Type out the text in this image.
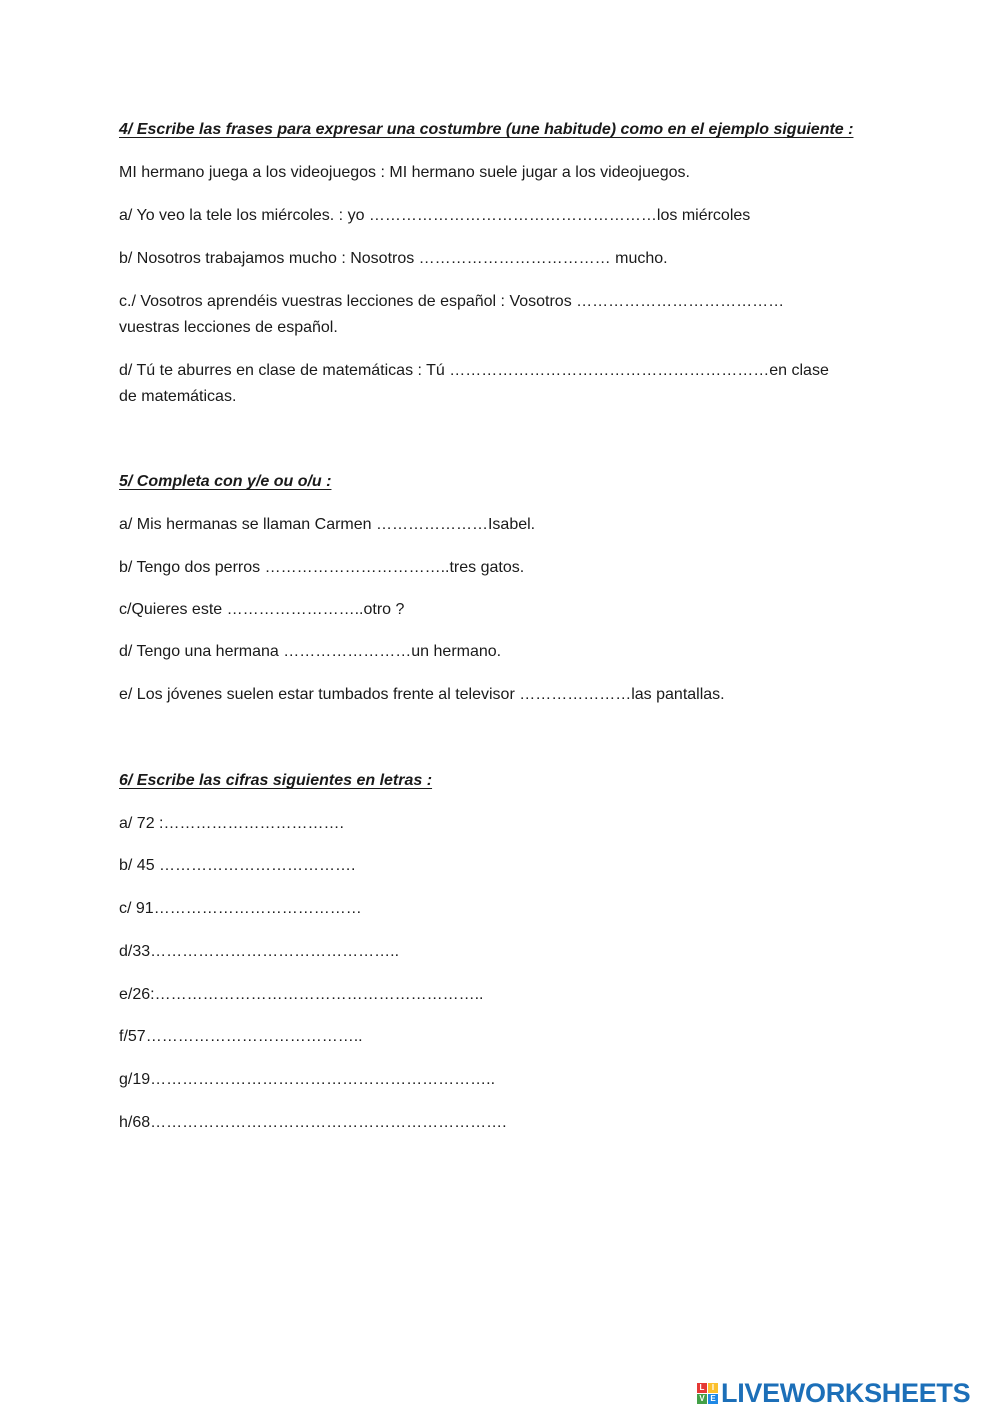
4/ Escribe las frases para expresar una costumbre (une habitude) como en el ejemplo siguiente :
MI hermano juega a los videojuegos : MI hermano suele jugar a los videojuegos.
a/ Yo veo la tele los miércoles. : yo ………………………………………………los miércoles
b/ Nosotros trabajamos mucho : Nosotros ……………………………… mucho.
c./ Vosotros aprendéis vuestras lecciones de español : Vosotros …………………………………vuestras lecciones de español.
d/ Tú te aburres en clase de matemáticas : Tú ……………………………………………………en clase de matemáticas.
5/ Completa con y/e ou o/u :
a/ Mis hermanas se llaman Carmen …………………Isabel.
b/ Tengo dos perros ……………………………..tres gatos.
c/Quieres este ……………………..otro ?
d/ Tengo una hermana ……………………un hermano.
e/ Los jóvenes suelen estar tumbados frente al televisor …………………las pantallas.
6/ Escribe las cifras siguientes en letras :
a/ 72 :…………………………….
b/ 45 ……………………………….
c/ 91…………………………………
d/33………………………………………..
e/26:……………………………………………………..
f/57…………………………………..
g/19………………………………………………………..
h/68………………………………………………………….
L I
V E LIVEWORKSHEETS
